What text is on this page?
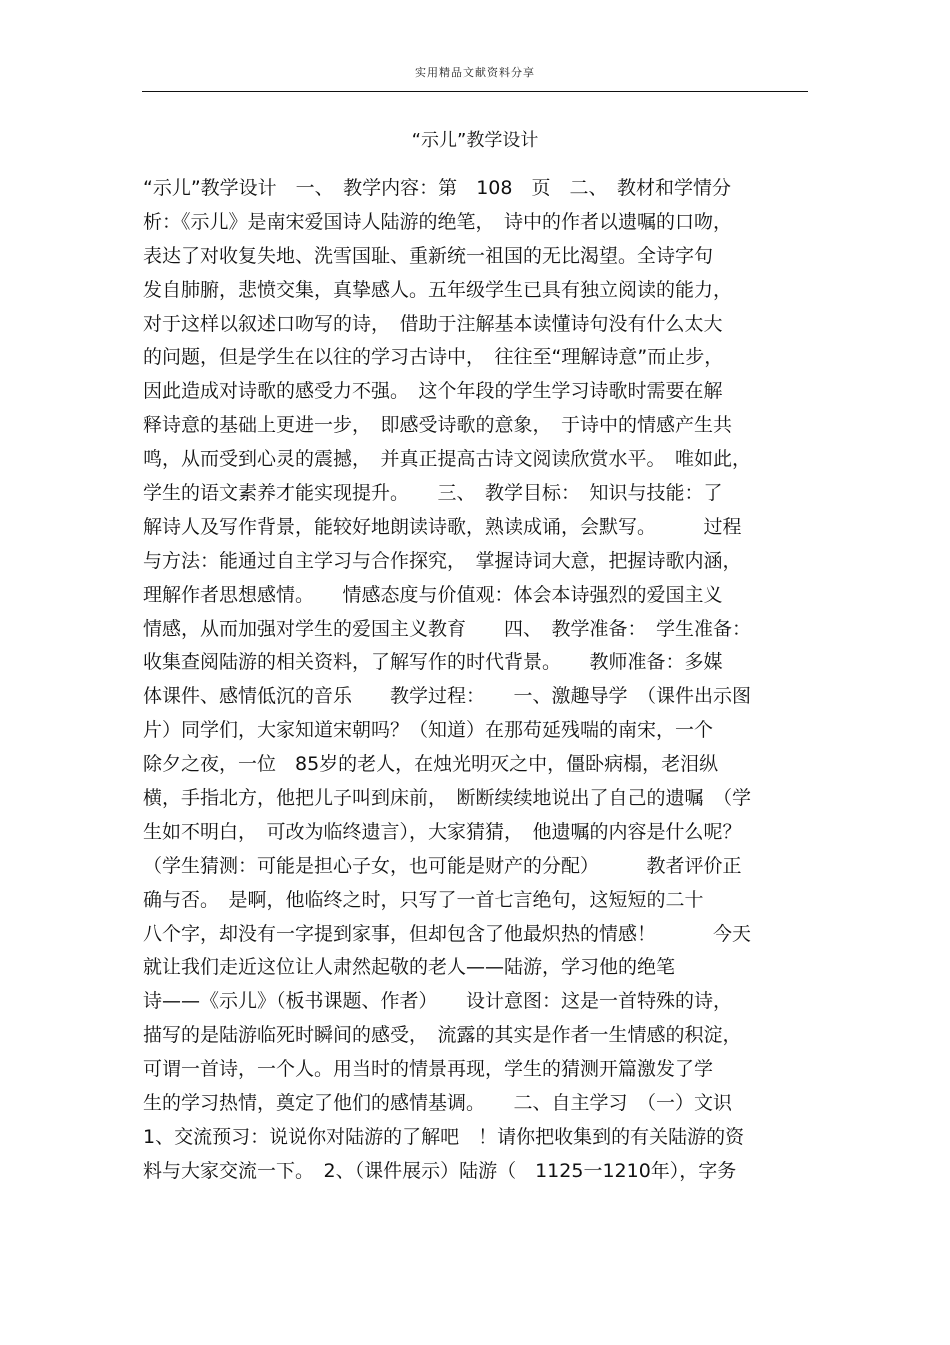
实用精品文献资料分享
“示儿”教学设计
“示儿”教学设计　一、　教学内容：第　108　页　二、　教材和学情分
析：《示儿》是南宋爱国诗人陆游的绝笔，　诗中的作者以遗嘱的口吻，
表达了对收复失地、洗雪国耻、重新统一祖国的无比渴望。全诗字句
发自肺腑，悲愤交集，真挚感人。五年级学生已具有独立阅读的能力，
对于这样以叙述口吻写的诗，　借助于注解基本读懂诗句没有什么太大
的问题，但是学生在以往的学习古诗中，　往往至“理解诗意”而止步，
因此造成对诗歌的感受力不强。　这个年段的学生学习诗歌时需要在解
释诗意的基础上更进一步，　即感受诗歌的意象，　于诗中的情感产生共
鸣，从而受到心灵的震撼，　并真正提高古诗文阅读欣赏水平。　唯如此，
学生的语文素养才能实现提升。　　三、　教学目标：　知识与技能：了
解诗人及写作背景，能较好地朗读诗歌，熟读成诵，会默写。　　　过程
与方法：能通过自主学习与合作探究，　掌握诗词大意，把握诗歌内涵，
理解作者思想感情。　　情感态度与价值观：体会本诗强烈的爱国主义
情感，从而加强对学生的爱国主义教育　　四、　教学准备：　学生准备：
收集查阅陆游的相关资料，了解写作的时代背景。　　教师准备：多媒
体课件、感情低沉的音乐　　教学过程：　　一、激趣导学　（课件出示图
片）同学们，大家知道宋朝吗？（知道）在那苟延残喘的南宋，一个
除夕之夜，一位　85岁的老人，在烛光明灭之中，僵卧病榻，老泪纵
横，手指北方，他把儿子叫到床前，　断断续续地说出了自己的遗嘱　（学
生如不明白，　可改为临终遗言），大家猜猜，　他遗嘱的内容是什么呢？
（学生猜测：可能是担心子女，也可能是财产的分配）　　　教者评价正
确与否。　是啊，他临终之时，只写了一首七言绝句，这短短的二十
八个字，却没有一字提到家事，但却包含了他最炽热的情感！　　　今天
就让我们走近这位让人肃然起敬的老人——陆游，学习他的绝笔
诗——《示儿》（板书课题、作者）　　设计意图：这是一首特殊的诗，
描写的是陆游临死时瞬间的感受，　流露的其实是作者一生情感的积淀，
可谓一首诗，一个人。用当时的情景再现，学生的猜测开篇激发了学
生的学习热情，奠定了他们的感情基调。　　二、自主学习　（一）文识
1、交流预习：说说你对陆游的了解吧　！请你把收集到的有关陆游的资
料与大家交流一下。　2、（课件展示）陆游（　1125一1210年），字务
